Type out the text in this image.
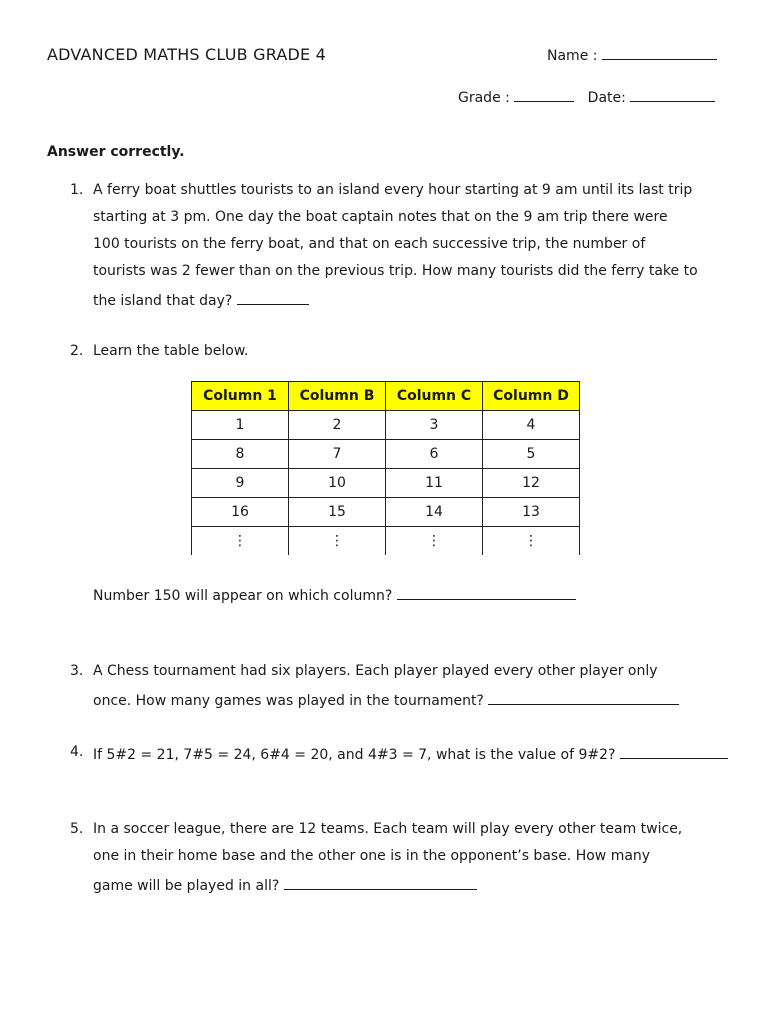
ADVANCED MATHS CLUB GRADE 4	Name :
Grade :	Date:
Answer correctly.
1. A ferry boat shuttles tourists to an island every hour starting at 9 am until its last trip
starting at 3 pm. One day the boat captain notes that on the 9 am trip there were
100 tourists on the ferry boat, and that on each successive trip, the number of
tourists was 2 fewer than on the previous trip. How many tourists did the ferry take to
the island that day?
2. Learn the table below.
Column 1	Column B	Column C	Column D
1	2	3	4
8	7	6	5
9	10	11	12
16	15	14	13
⋮	⋮	⋮	⋮
Number 150 will appear on which column?
3. A Chess tournament had six players. Each player played every other player only
once. How many games was played in the tournament?
4. If 5#2 = 21, 7#5 = 24, 6#4 = 20, and 4#3 = 7, what is the value of 9#2?
5. In a soccer league, there are 12 teams. Each team will play every other team twice,
one in their home base and the other one is in the opponent’s base. How many
game will be played in all?
